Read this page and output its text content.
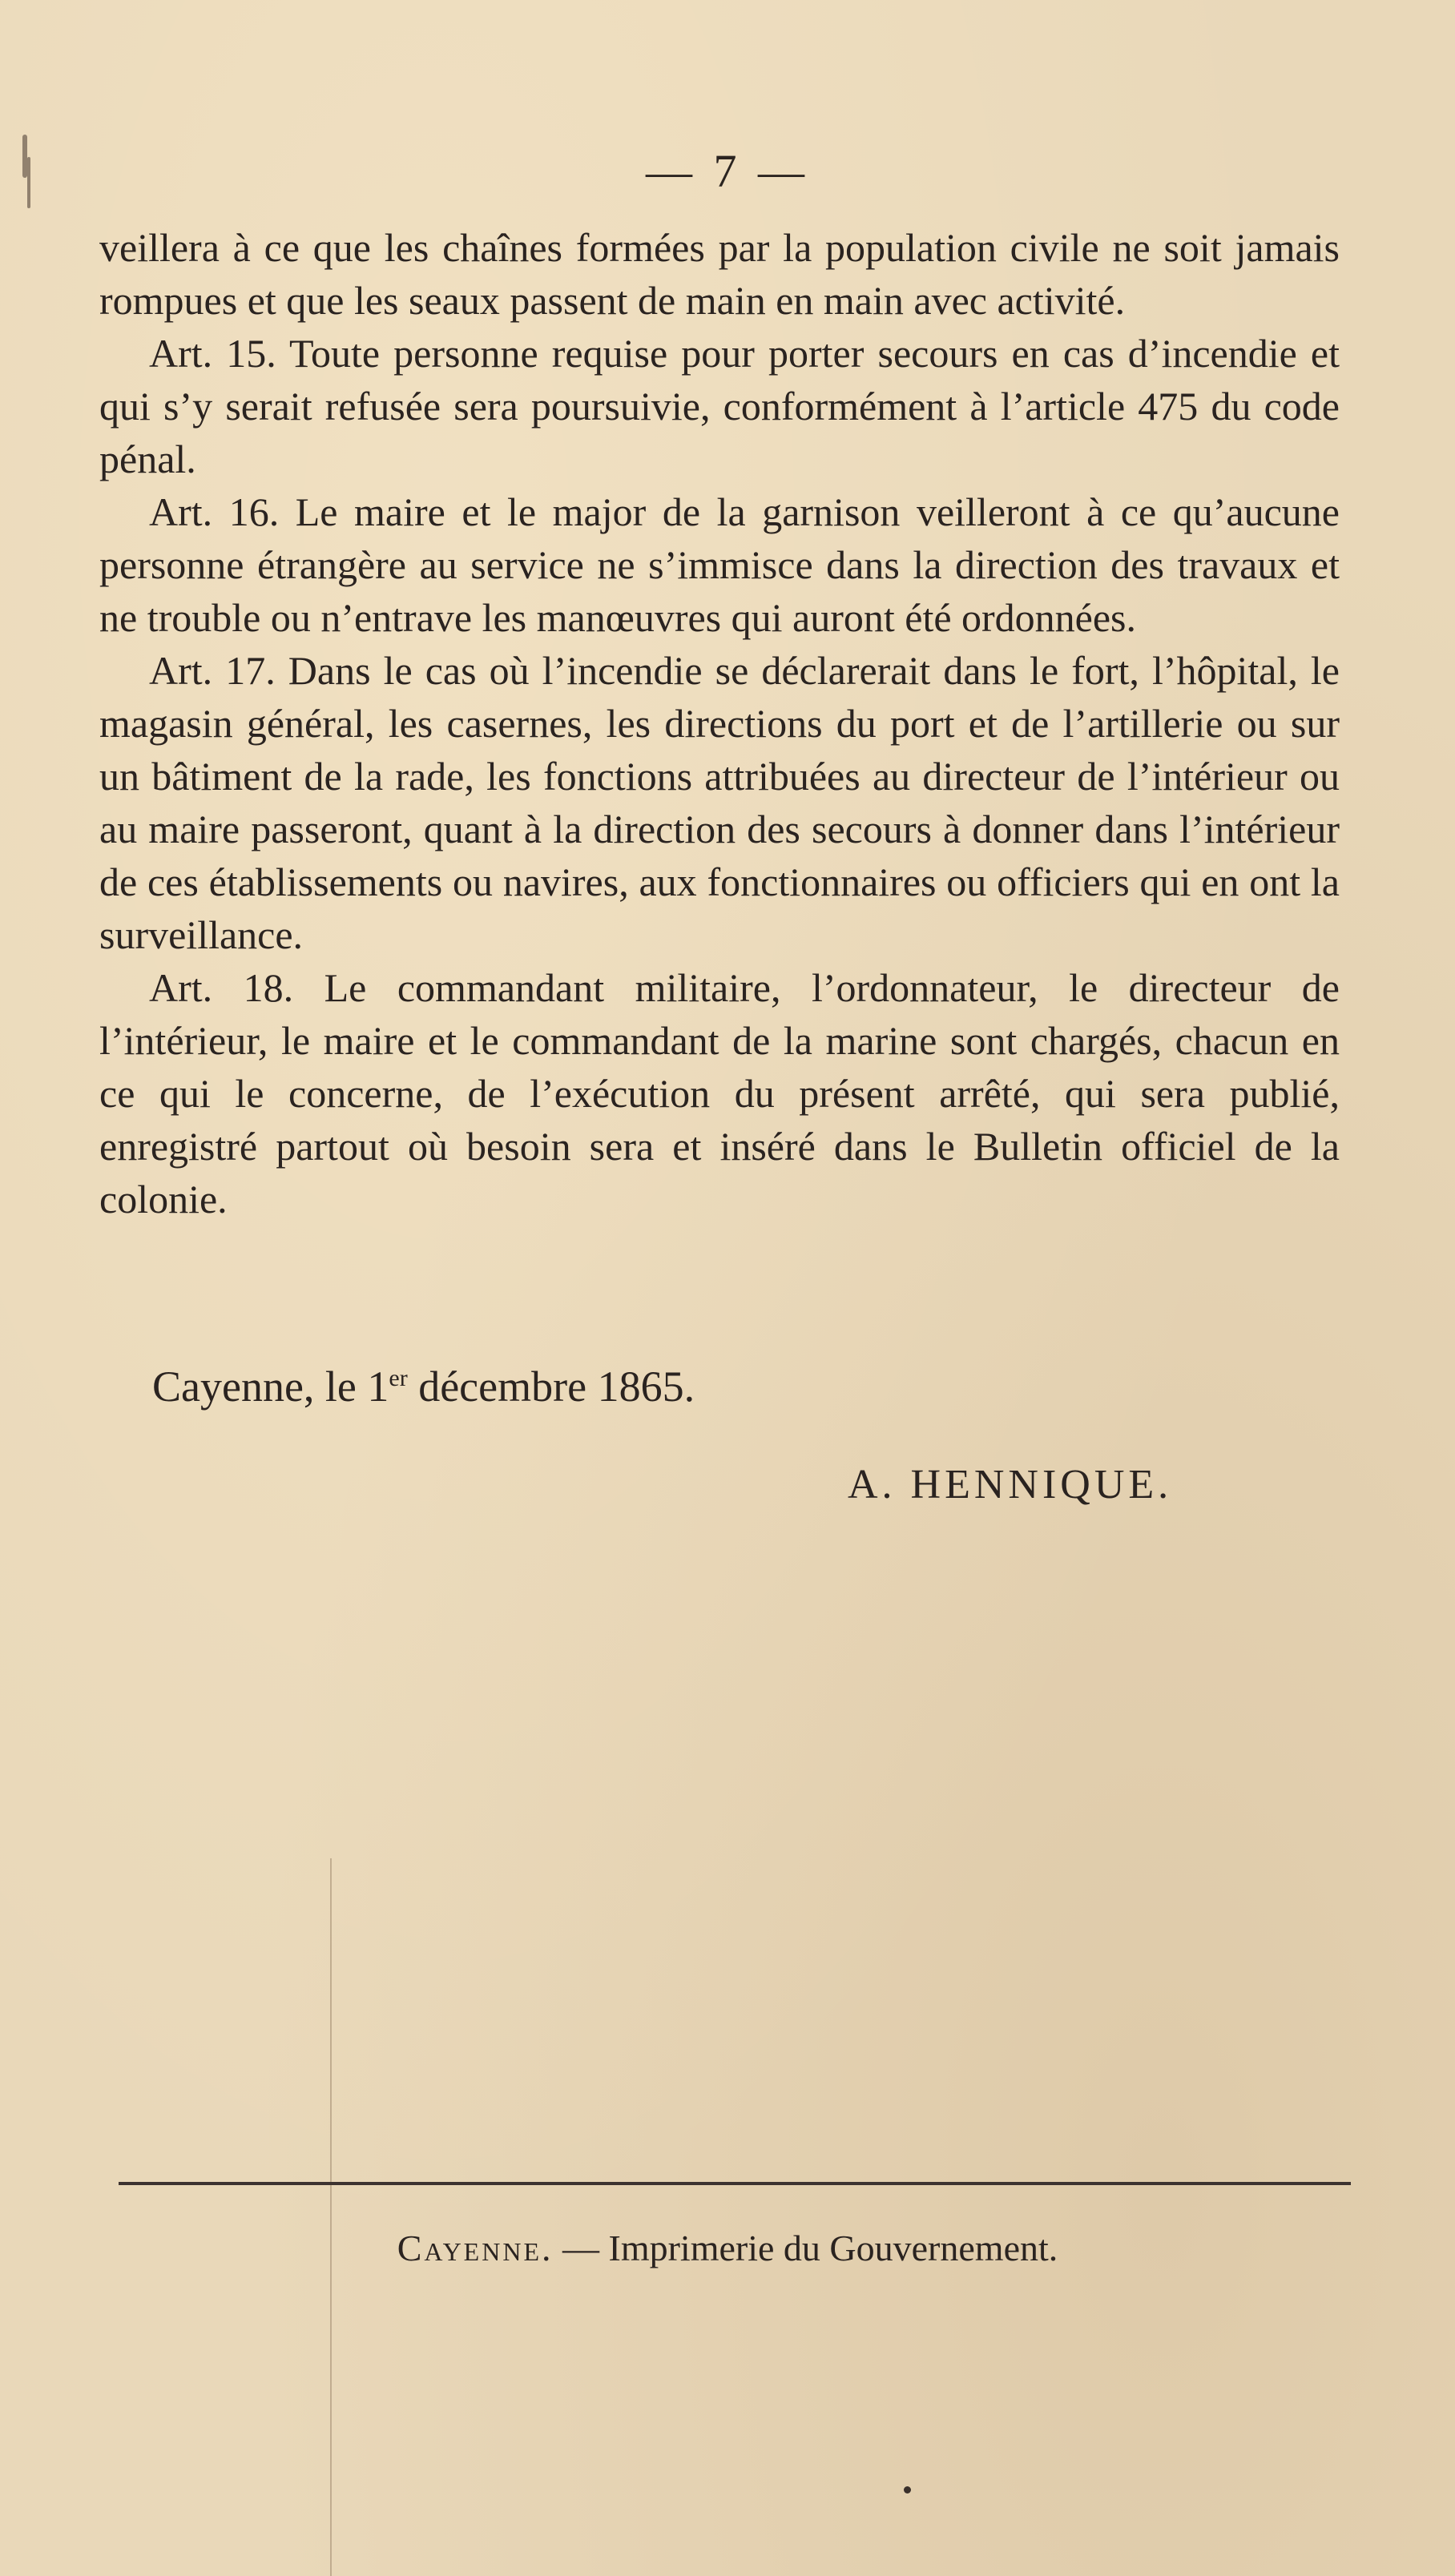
— 7 —

veillera à ce que les chaînes formées par la population civile ne soit jamais rompues et que les seaux passent de main en main avec activité.

Art. 15. Toute personne requise pour porter secours en cas d’incendie et qui s’y serait refusée sera poursuivie, conformément à l’article 475 du code pénal.

Art. 16. Le maire et le major de la garnison veilleront à ce qu’aucune personne étrangère au service ne s’immisce dans la direction des travaux et ne trouble ou n’entrave les manœuvres qui auront été ordonnées.

Art. 17. Dans le cas où l’incendie se déclarerait dans le fort, l’hôpital, le magasin général, les casernes, les directions du port et de l’artillerie ou sur un bâtiment de la rade, les fonctions attribuées au directeur de l’intérieur ou au maire passeront, quant à la direction des secours à donner dans l’intérieur de ces établissements ou navires, aux fonctionnaires ou officiers qui en ont la surveillance.

Art. 18. Le commandant militaire, l’ordonnateur, le directeur de l’intérieur, le maire et le commandant de la marine sont chargés, chacun en ce qui le concerne, de l’exécution du présent arrêté, qui sera publié, enregistré partout où besoin sera et inséré dans le Bulletin officiel de la colonie.

Cayenne, le 1er décembre 1865.
A. HENNIQUE.
Cayenne. — Imprimerie du Gouvernement.
